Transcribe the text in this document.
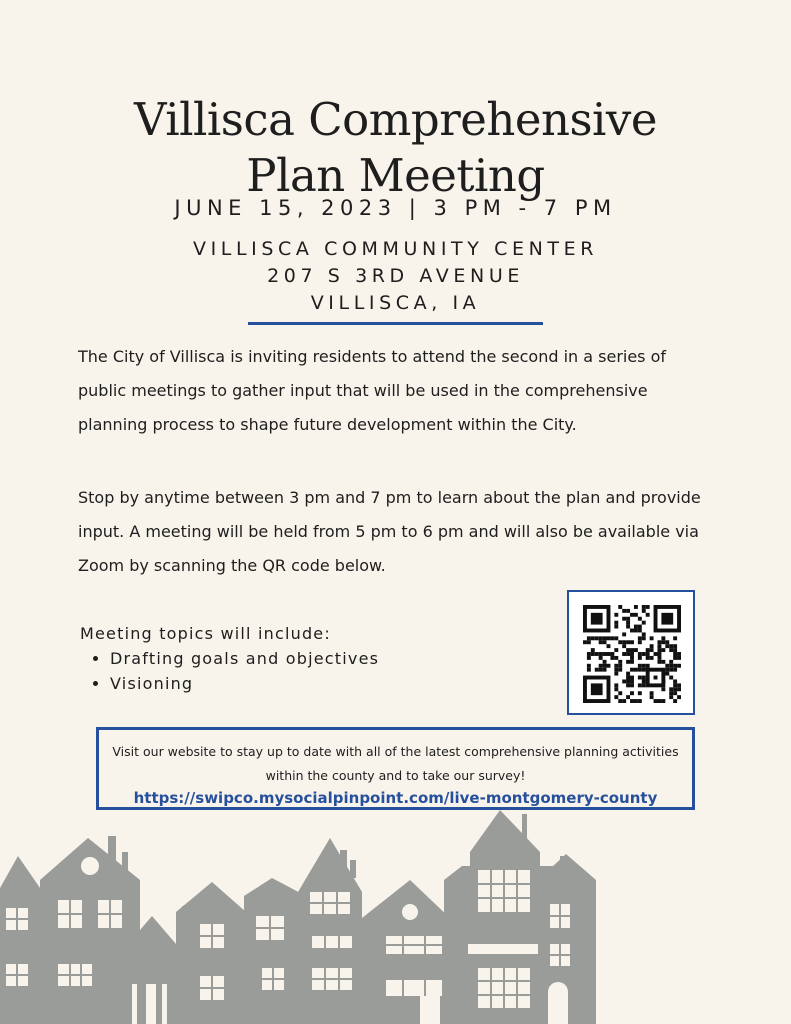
Villisca Comprehensive
Plan Meeting
JUNE 15, 2023 | 3 PM - 7 PM
VILLISCA COMMUNITY CENTER
207 S 3RD AVENUE
VILLISCA, IA

The City of Villisca is inviting residents to attend the second in a series of public meetings to gather input that will be used in the comprehensive planning process to shape future development within the City.

Stop by anytime between 3 pm and 7 pm to learn about the plan and provide input. A meeting will be held from 5 pm to 6 pm and will also be available via Zoom by scanning the QR code below.

Meeting topics will include:
• Drafting goals and objectives
• Visioning
Visit our website to stay up to date with all of the latest comprehensive planning activities within the county and to take our survey!
https://swipco.mysocialpinpoint.com/live-montgomery-county
